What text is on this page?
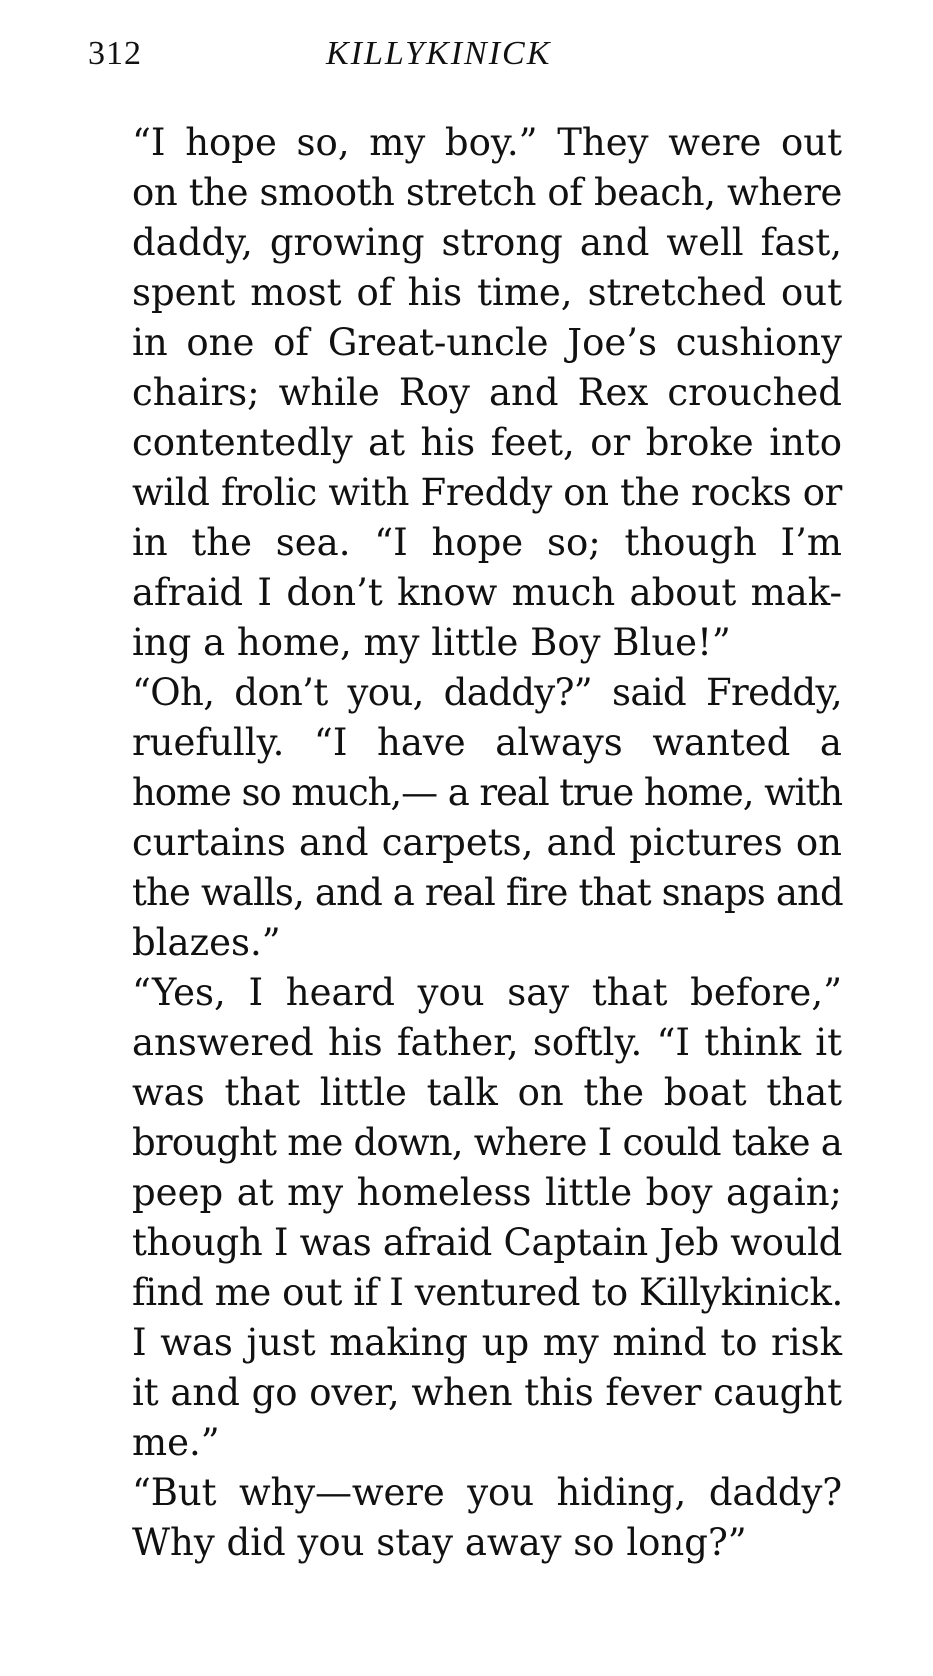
312	KILLYKINICK

“I hope so, my boy.” They were out
on the smooth stretch of beach, where
daddy, growing strong and well fast,
spent most of his time, stretched out
in one of Great-uncle Joe’s cushiony
chairs; while Roy and Rex crouched
contentedly at his feet, or broke into
wild frolic with Freddy on the rocks or
in the sea. “I hope so; though I’m
afraid I don’t know much about mak-
ing a home, my little Boy Blue!”

“Oh, don’t you, daddy?” said Freddy,
ruefully. “I have always wanted a
home so much,— a real true home, with
curtains and carpets, and pictures on
the walls, and a real fire that snaps and
blazes.”

“Yes, I heard you say that before,”
answered his father, softly. “I think it
was that little talk on the boat that
brought me down, where I could take a
peep at my homeless little boy again;
though I was afraid Captain Jeb would
find me out if I ventured to Killykinick.
I was just making up my mind to risk
it and go over, when this fever caught
me.”

“But why—were you hiding, daddy?
Why did you stay away so long?”
